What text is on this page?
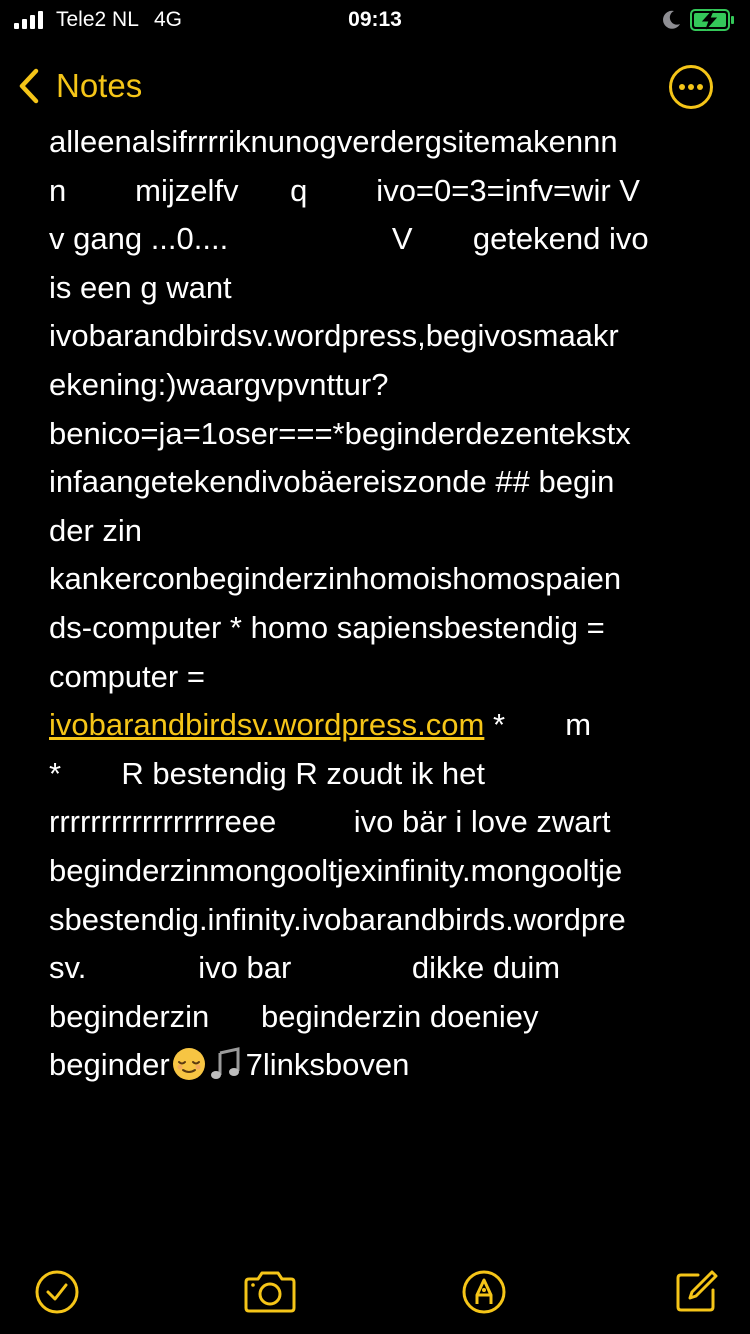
Tele2 NL 4G	09:13

Notes
alleenalsifrrrriknunogverdergsitemakennn
n        mijzelfv      q        ivo=0=3=infv=wir V
v gang ...0....                   V       getekend ivo
is een g want
ivobarandbirdsv.wordpress,begivosmaakr
ekening:)waargvpvnttur?
benico=ja=1oser===*beginderdezentekstx
infaangetekendivobäereiszonde ## begin
der zin
kankerconbeginderzinhomoishomospaien
ds-computer * homo sapiensbestendig =
computer =
ivobarandbirdsv.wordpress.com *       m
*       R bestendig R zoudt ik het
rrrrrrrrrrrrrrrrreee         ivo bär i love zwart
beginderzinmongooltjexinfinity.mongooltje
sbestendig.infinity.ivobarandbirds.wordpre
sv.             ivo bar              dikke duim
beginderzin      beginderzin doeniey
beginder 7linksboven
